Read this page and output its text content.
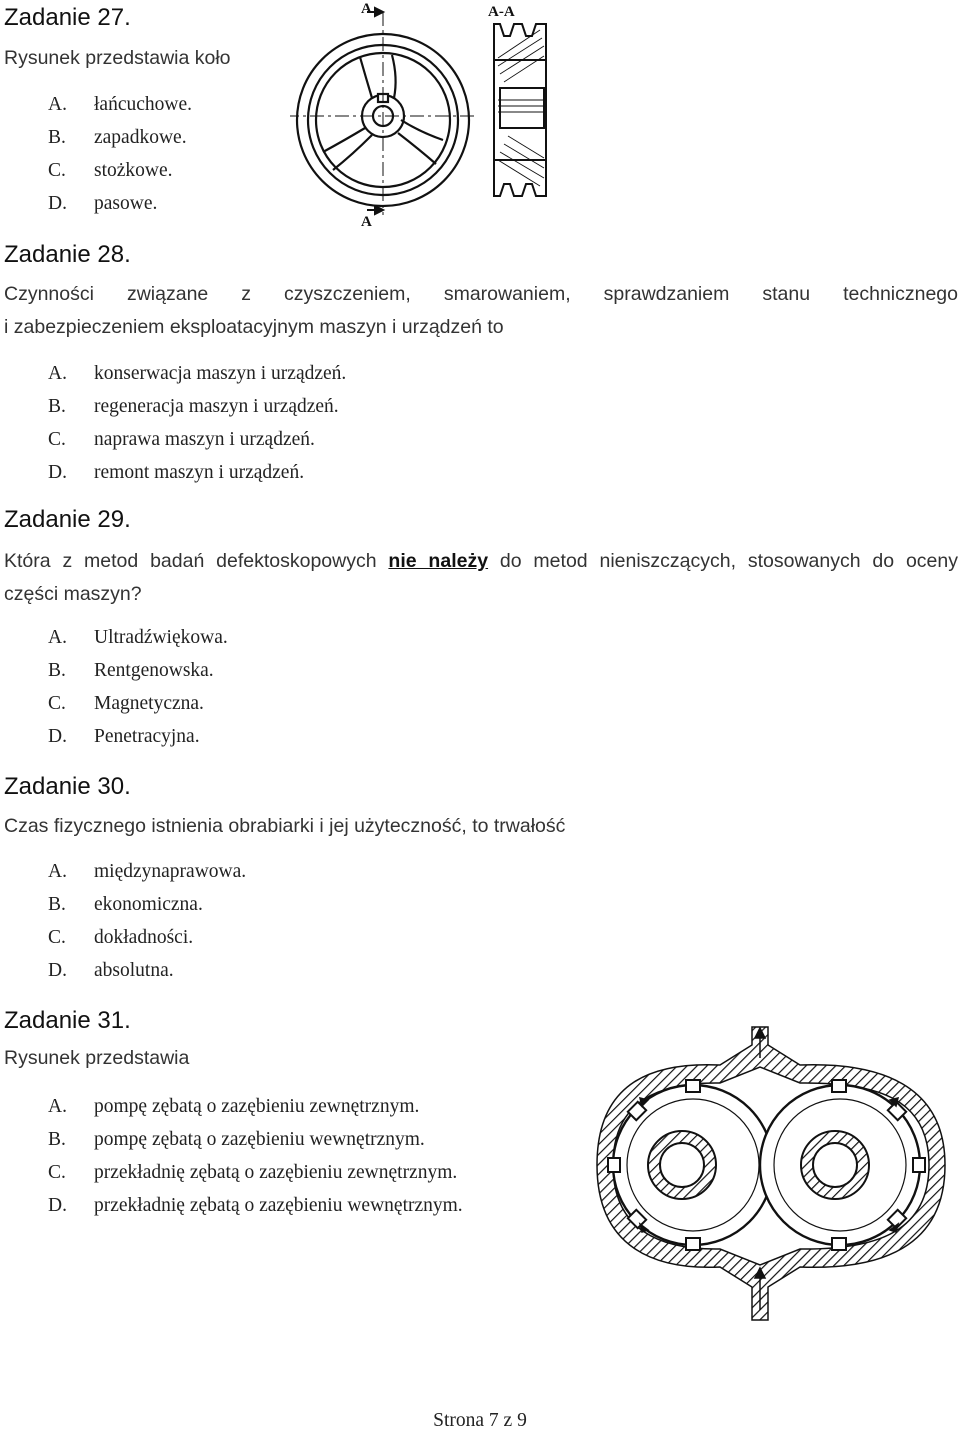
Zadanie 27.
Rysunek przedstawia koło
A. łańcuchowe.
B. zapadkowe.
C. stożkowe.
D. pasowe.
A
A
A-A
Zadanie 28.
Czynności związane z czyszczeniem, smarowaniem, sprawdzaniem stanu technicznego
i zabezpieczeniem eksploatacyjnym maszyn i urządzeń to
A. konserwacja maszyn i urządzeń.
B. regeneracja maszyn i urządzeń.
C. naprawa maszyn i urządzeń.
D. remont maszyn i urządzeń.
Zadanie 29.
Która z metod badań defektoskopowych nie należy do metod nieniszczących, stosowanych do oceny
części maszyn?
A. Ultradźwiękowa.
B. Rentgenowska.
C. Magnetyczna.
D. Penetracyjna.
Zadanie 30.
Czas fizycznego istnienia obrabiarki i jej użyteczność, to trwałość
A. międzynaprawowa.
B. ekonomiczna.
C. dokładności.
D. absolutna.
Zadanie 31.
Rysunek przedstawia
A. pompę zębatą o zazębieniu zewnętrznym.
B. pompę zębatą o zazębieniu wewnętrznym.
C. przekładnię zębatą o zazębieniu zewnętrznym.
D. przekładnię zębatą o zazębieniu wewnętrznym.
Strona 7 z 9
